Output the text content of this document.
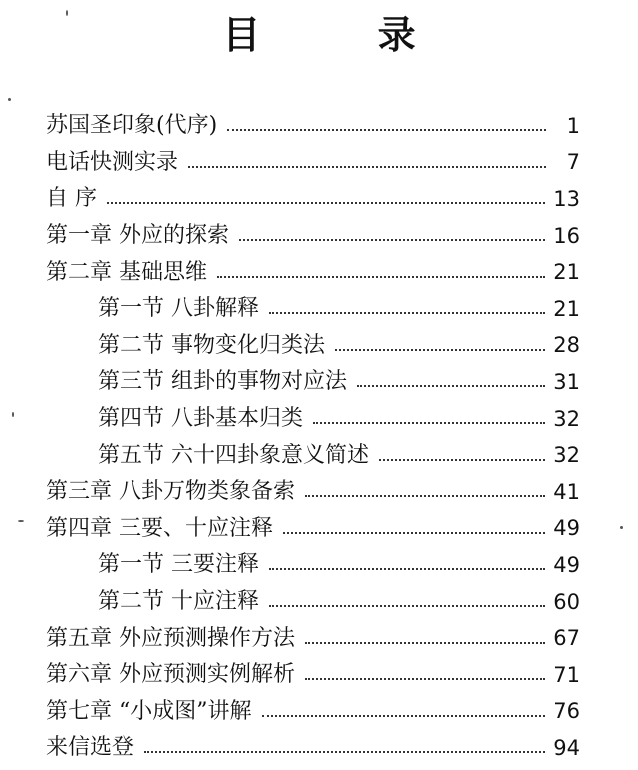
目 录
苏国圣印象(代序)	1
电话快测实录	7
自 序	13
第一章 外应的探索	16
第二章 基础思维	21
第一节 八卦解释	21
第二节 事物变化归类法	28
第三节 组卦的事物对应法	31
第四节 八卦基本归类	32
第五节 六十四卦象意义简述	32
第三章 八卦万物类象备索	41
第四章 三要、十应注释	49
第一节 三要注释	49
第二节 十应注释	60
第五章 外应预测操作方法	67
第六章 外应预测实例解析	71
第七章 “小成图”讲解	76
来信选登	94
